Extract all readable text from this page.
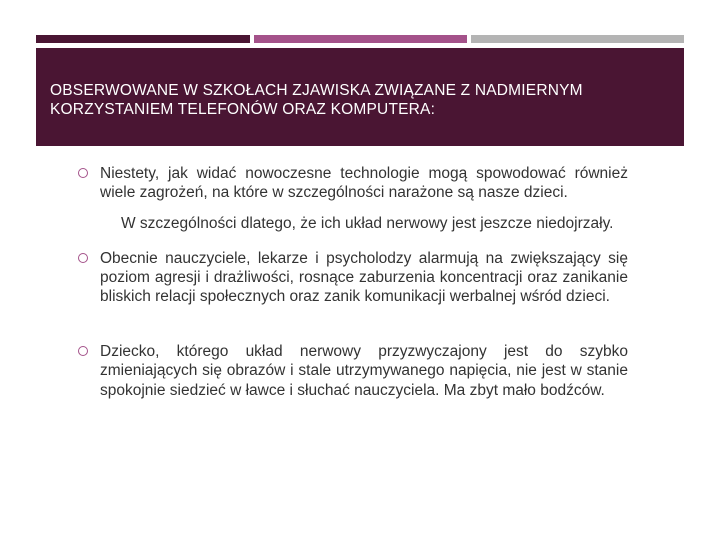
OBSERWOWANE W SZKOŁACH ZJAWISKA ZWIĄZANE Z NADMIERNYM KORZYSTANIEM TELEFONÓW ORAZ KOMPUTERA:

Niestety, jak widać nowoczesne technologie mogą spowodować również wiele zagrożeń, na które w szczególności narażone są nasze dzieci.

W szczególności dlatego, że ich układ nerwowy jest jeszcze niedojrzały.

Obecnie nauczyciele, lekarze i psycholodzy alarmują na zwiększający się poziom agresji i drażliwości, rosnące zaburzenia koncentracji oraz zanikanie bliskich relacji społecznych oraz zanik komunikacji werbalnej wśród dzieci.

Dziecko, którego układ nerwowy przyzwyczajony jest do szybko zmieniających się obrazów i stale utrzymywanego napięcia, nie jest w stanie spokojnie siedzieć w ławce i słuchać nauczyciela. Ma zbyt mało bodźców.
